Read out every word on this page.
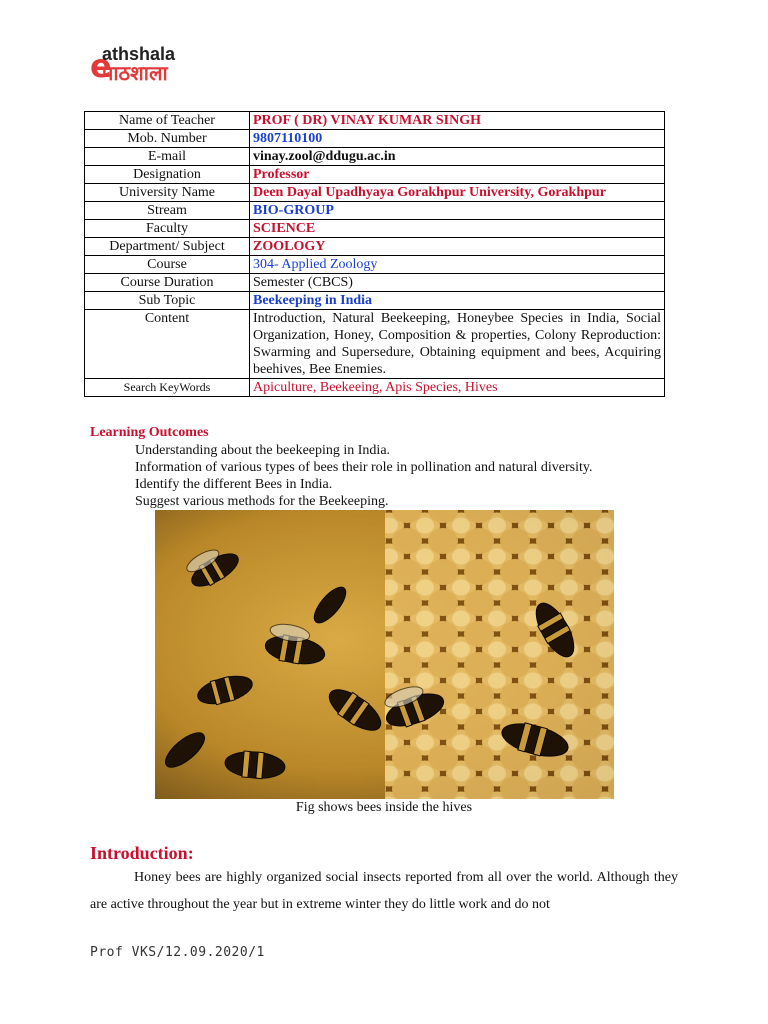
e
athshala
पाठशाला
Name of Teacher	PROF ( DR) VINAY KUMAR SINGH
Mob. Number	9807110100
E-mail	vinay.zool@ddugu.ac.in
Designation	Professor
University Name	Deen Dayal Upadhyaya Gorakhpur University, Gorakhpur
Stream	BIO-GROUP
Faculty	SCIENCE
Department/ Subject	ZOOLOGY
Course	304- Applied Zoology
Course Duration	Semester (CBCS)
Sub Topic	Beekeeping in India
Content	Introduction, Natural Beekeeping, Honeybee Species in India, Social Organization, Honey, Composition & properties, Colony Reproduction: Swarming and Supersedure, Obtaining equipment and bees, Acquiring beehives, Bee Enemies.
Search KeyWords	Apiculture, Beekeeing, Apis Species, Hives
Learning Outcomes
Understanding about the beekeeping in India.
Information of various types of bees their role in pollination and natural diversity.
Identify the different Bees in India.
Suggest various methods for the Beekeeping.
Fig shows bees inside the hives
Introduction:

Honey bees are highly organized social insects reported from all over the world. Although they are active throughout the year but in extreme winter they do little work and do not

Prof VKS/12.09.2020/1
